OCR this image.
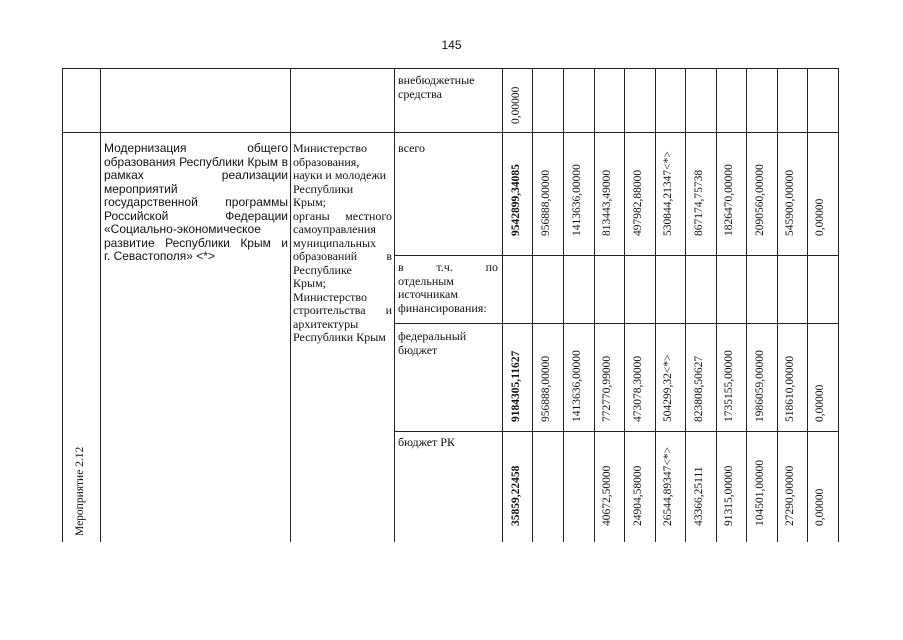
145
внебюджетные средства	0,00000
Мероприятие 2.12
Модернизация общего
образования Республики Крым в
рамках реализации мероприятий
государственной программы
Российской Федерации
«Социально-экономическое
развитие Республики Крым и
г. Севастополя» <*>
Министерство
образования,
науки и молодежи
Республики
Крым;
органы местного
самоуправления
муниципальных
образований в
Республике
Крым;
Министерство
строительства и
архитектуры
Республики Крым
всего
в т.ч. по
отдельным
источникам
финансирования:
федеральный
бюджет
бюджет РК
9542899,34085 956888,00000 1413636,00000 813443,49000 497982,88000 530844,21347<*> 867174,75738 1826470,00000 2090560,00000 545900,00000 0,00000
9184305,11627 956888,00000 1413636,00000 772770,99000 473078,30000 504299,32<*> 823808,50627 1735155,00000 1986059,00000 518610,00000 0,00000
35859,22458	40672,50000 24904,58000 26544,89347<*> 43366,25111 91315,00000 104501,00000 27290,00000 0,00000
